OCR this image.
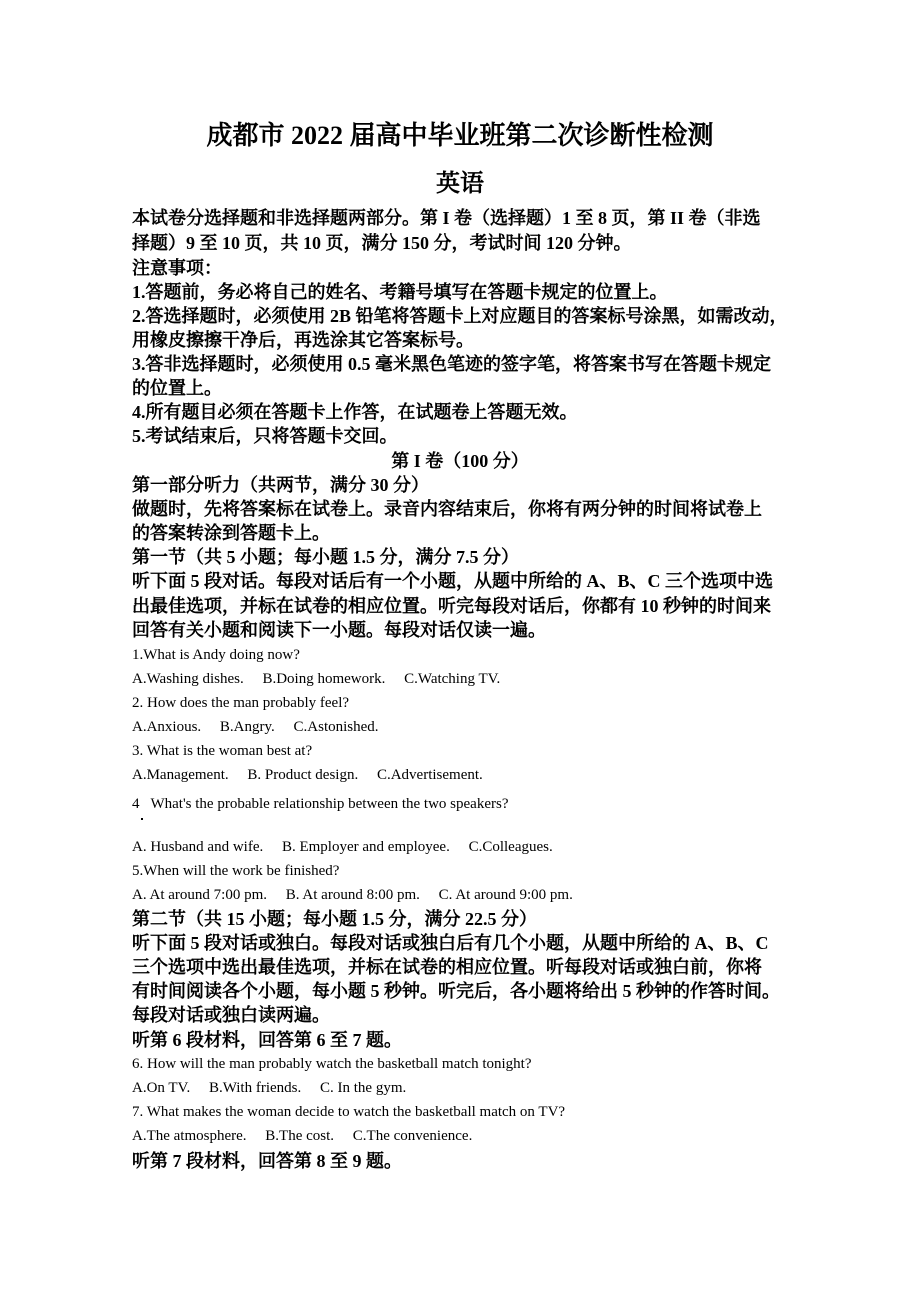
成都市 2022 届高中毕业班第二次诊断性检测
英语
本试卷分选择题和非选择题两部分。第 I 卷（选择题）1 至 8 页，第 II 卷（非选
择题）9 至 10 页，共 10 页，满分 150 分，考试时间 120 分钟。
注意事项：
1.答题前，务必将自己的姓名、考籍号填写在答题卡规定的位置上。
2.答选择题时，必须使用 2B 铅笔将答题卡上对应题目的答案标号涂黑，如需改动，
用橡皮擦擦干净后，再选涂其它答案标号。
3.答非选择题时，必须使用 0.5 毫米黑色笔迹的签字笔，将答案书写在答题卡规定
的位置上。
4.所有题目必须在答题卡上作答，在试题卷上答题无效。
5.考试结束后，只将答题卡交回。
第 I 卷（100 分）
第一部分听力（共两节，满分 30 分）
做题时，先将答案标在试卷上。录音内容结束后，你将有两分钟的时间将试卷上
的答案转涂到答题卡上。
第一节（共 5 小题；每小题 1.5 分，满分 7.5 分）
听下面 5 段对话。每段对话后有一个小题，从题中所给的 A、B、C 三个选项中选
出最佳选项，并标在试卷的相应位置。听完每段对话后，你都有 10 秒钟的时间来
回答有关小题和阅读下一小题。每段对话仅读一遍。
1.What is Andy doing now?
A.Washing dishes.     B.Doing homework.     C.Watching TV.
2. How does the man probably feel?
A.Anxious.     B.Angry.     C.Astonished.
3. What is the woman best at?
A.Management.     B. Product design.     C.Advertisement.
4   What's the probable relationship between the two speakers?
A. Husband and wife.     B. Employer and employee.     C.Colleagues.
5.When will the work be finished?
A. At around 7:00 pm.     B. At around 8:00 pm.     C. At around 9:00 pm.
第二节（共 15 小题；每小题 1.5 分，满分 22.5 分）
听下面 5 段对话或独白。每段对话或独白后有几个小题，从题中所给的 A、B、C
三个选项中选出最佳选项，并标在试卷的相应位置。听每段对话或独白前，你将
有时间阅读各个小题，每小题 5 秒钟。听完后，各小题将给出 5 秒钟的作答时间。
每段对话或独白读两遍。
听第 6 段材料，回答第 6 至 7 题。
6. How will the man probably watch the basketball match tonight?
A.On TV.     B.With friends.     C. In the gym.
7. What makes the woman decide to watch the basketball match on TV?
A.The atmosphere.     B.The cost.     C.The convenience.
听第 7 段材料，回答第 8 至 9 题。
